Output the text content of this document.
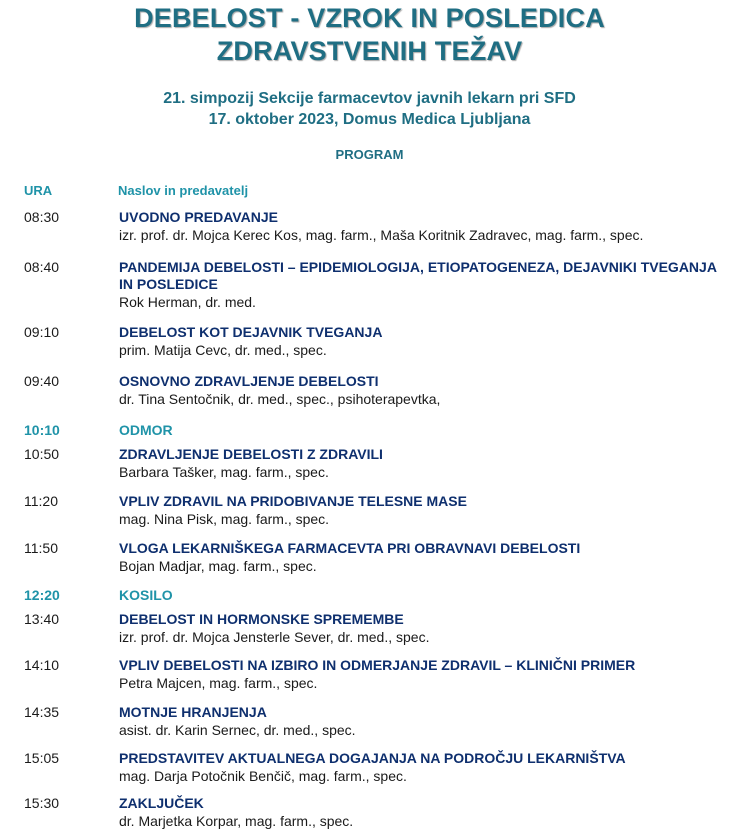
DEBELOST - VZROK IN POSLEDICA
ZDRAVSTVENIH TEŽAV
21. simpozij Sekcije farmacevtov javnih lekarn pri SFD
17. oktober 2023, Domus Medica Ljubljana
PROGRAM
URA	Naslov in predavatelj
08:30	UVODNO PREDAVANJE
izr. prof. dr. Mojca Kerec Kos, mag. farm., Maša Koritnik Zadravec, mag. farm., spec.
08:40	PANDEMIJA DEBELOSTI – EPIDEMIOLOGIJA, ETIOPATOGENEZA, DEJAVNIKI TVEGANJA IN POSLEDICE
Rok Herman, dr. med.
09:10	DEBELOST KOT DEJAVNIK TVEGANJA
prim. Matija Cevc, dr. med., spec.
09:40	OSNOVNO ZDRAVLJENJE DEBELOSTI
dr. Tina Sentočnik, dr. med., spec., psihoterapevtka,
10:10	ODMOR
10:50	ZDRAVLJENJE DEBELOSTI Z ZDRAVILI
Barbara Tašker, mag. farm., spec.
11:20	VPLIV ZDRAVIL NA PRIDOBIVANJE TELESNE MASE
mag. Nina Pisk, mag. farm., spec.
11:50	VLOGA LEKARNIŠKEGA FARMACEVTA PRI OBRAVNAVI DEBELOSTI
Bojan Madjar, mag. farm., spec.
12:20	KOSILO
13:40	DEBELOST IN HORMONSKE SPREMEMBE
izr. prof. dr. Mojca Jensterle Sever, dr. med., spec.
14:10	VPLIV DEBELOSTI NA IZBIRO IN ODMERJANJE ZDRAVIL – KLINIČNI PRIMER
Petra Majcen, mag. farm., spec.
14:35	MOTNJE HRANJENJA
asist. dr. Karin Sernec, dr. med., spec.
15:05	PREDSTAVITEV AKTUALNEGA DOGAJANJA NA PODROČJU LEKARNIŠTVA
mag. Darja Potočnik Benčič, mag. farm., spec.
15:30	ZAKLJUČEK
dr. Marjetka Korpar, mag. farm., spec.
